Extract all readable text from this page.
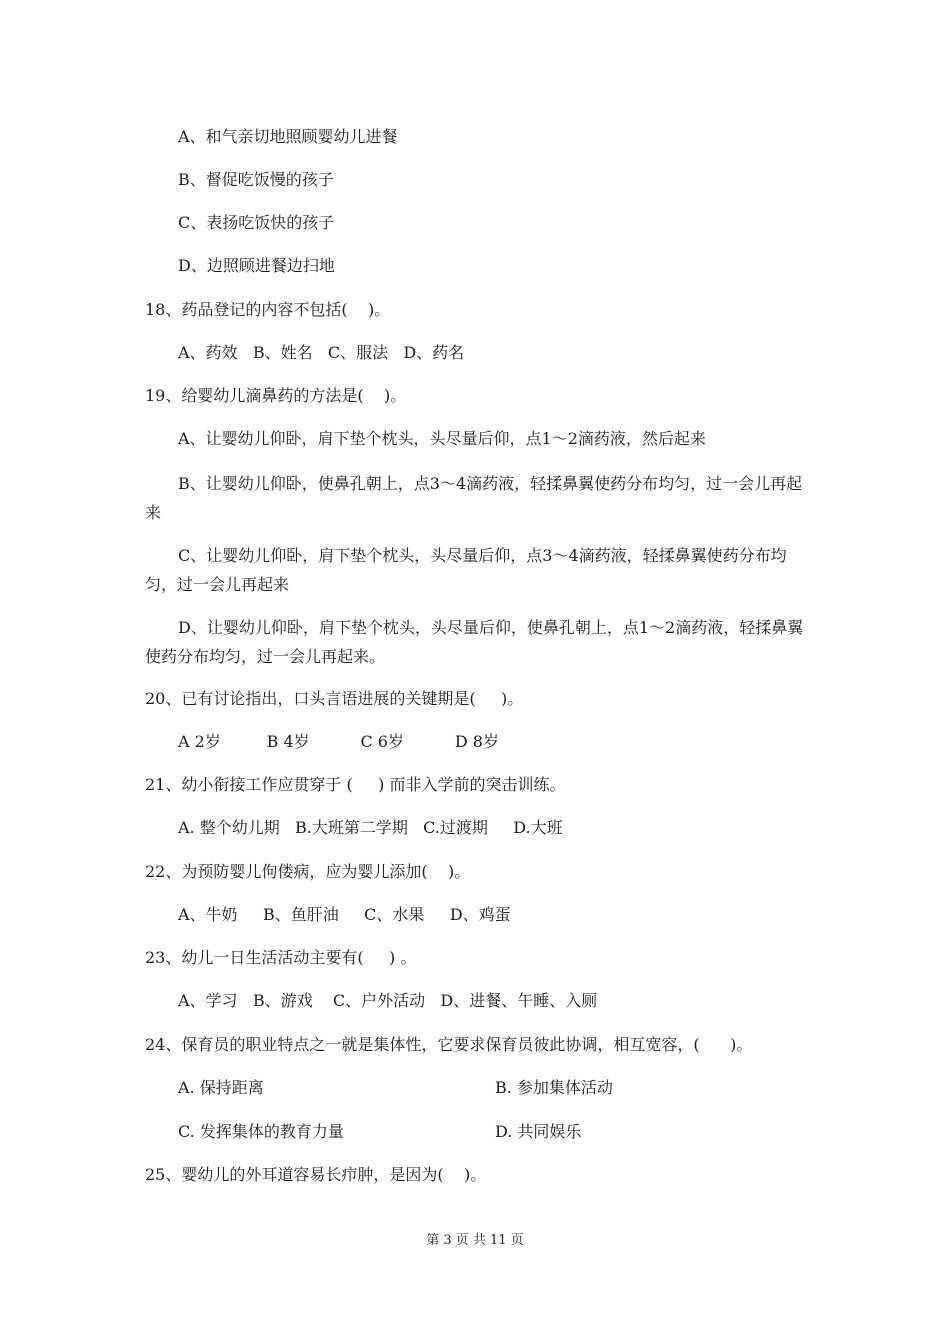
A、和气亲切地照顾婴幼儿进餐
B、督促吃饭慢的孩子
C、表扬吃饭快的孩子
D、边照顾进餐边扫地
18、药品登记的内容不包括(    )。
A、药效   B、姓名   C、服法   D、药名
19、给婴幼儿滴鼻药的方法是(    )。
A、让婴幼儿仰卧，肩下垫个枕头，头尽量后仰，点1～2滴药液，然后起来
B、让婴幼儿仰卧，使鼻孔朝上，点3～4滴药液，轻揉鼻翼使药分布均匀，过一会儿再起来
C、让婴幼儿仰卧，肩下垫个枕头，头尽量后仰，点3～4滴药液，轻揉鼻翼使药分布均匀，过一会儿再起来
D、让婴幼儿仰卧，肩下垫个枕头，头尽量后仰，使鼻孔朝上，点1～2滴药液，轻揉鼻翼使药分布均匀，过一会儿再起来。
20、已有讨论指出，口头言语进展的关键期是(     )。
A 2岁         B 4岁          C 6岁          D 8岁
21、幼小衔接工作应贯穿于 (     ) 而非入学前的突击训练。
A. 整个幼儿期   B.大班第二学期   C.过渡期     D.大班
22、为预防婴儿佝偻病，应为婴儿添加(    )。
A、牛奶     B、鱼肝油     C、水果     D、鸡蛋
23、幼儿一日生活活动主要有(     ) 。
A、学习   B、游戏    C、户外活动   D、进餐、午睡、入厕
24、保育员的职业特点之一就是集体性，它要求保育员彼此协调，相互宽容，(      )。
A. 保持距离	B. 参加集体活动
C. 发挥集体的教育力量	D. 共同娱乐
25、婴幼儿的外耳道容易长疖肿，是因为(    )。
第 3 页 共 11 页
